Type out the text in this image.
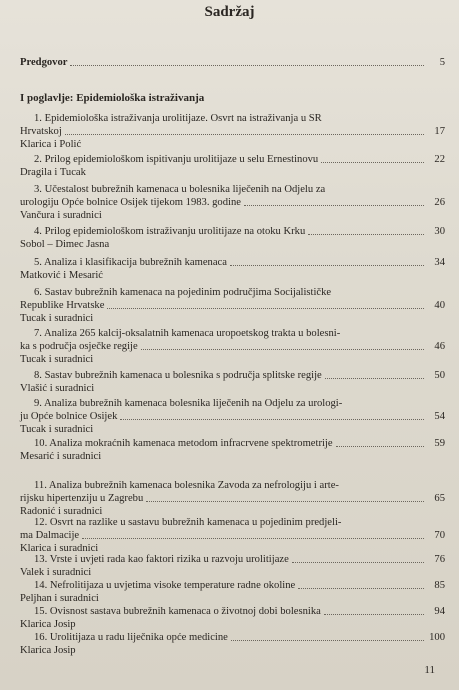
Sadržaj
Predgovor	5
I poglavlje: Epidemiološka istraživanja
1. Epidemiološka istraživanja urolitijaze. Osvrt na istraživanja u SR
Hrvatskoj	17
Klarica i Polić
2. Prilog epidemiološkom ispitivanju urolitijaze u selu Ernestinovu	22
Dragila i Tucak
3. Učestalost bubrežnih kamenaca u bolesnika liječenih na Odjelu za
urologiju Opće bolnice Osijek tijekom 1983. godine	26
Vančura i suradnici
4. Prilog epidemiološkom istraživanju urolitijaze na otoku Krku	30
Sobol – Dimec Jasna
5. Analiza i klasifikacija bubrežnih kamenaca	34
Matković i Mesarić
6. Sastav bubrežnih kamenaca na pojedinim područjima Socijalističke
Republike Hrvatske	40
Tucak i suradnici
7. Analiza 265 kalcij-oksalatnih kamenaca uropoetskog trakta u bolesni-
ka s područja osječke regije	46
Tucak i suradnici
8. Sastav bubrežnih kamenaca u bolesnika s područja splitske regije	50
Vlašić i suradnici
9. Analiza bubrežnih kamenaca bolesnika liječenih na Odjelu za urologi-
ju Opće bolnice Osijek	54
Tucak i suradnici
10. Analiza mokraćnih kamenaca metodom infracrvene spektrometrije	59
Mesarić i suradnici
11. Analiza bubrežnih kamenaca bolesnika Zavoda za nefrologiju i arte-
rijsku hipertenziju u Zagrebu	65
Radonić i suradnici
12. Osvrt na razlike u sastavu bubrežnih kamenaca u pojedinim predjeli-
ma Dalmacije	70
Klarica i suradnici
13. Vrste i uvjeti rada kao faktori rizika u razvoju urolitijaze	76
Valek i suradnici
14. Nefrolitijaza u uvjetima visoke temperature radne okoline	85
Peljhan i suradnici
15. Ovisnost sastava bubrežnih kamenaca o životnoj dobi bolesnika	94
Klarica Josip
16. Urolitijaza u radu liječnika opće medicine	100
Klarica Josip
11
